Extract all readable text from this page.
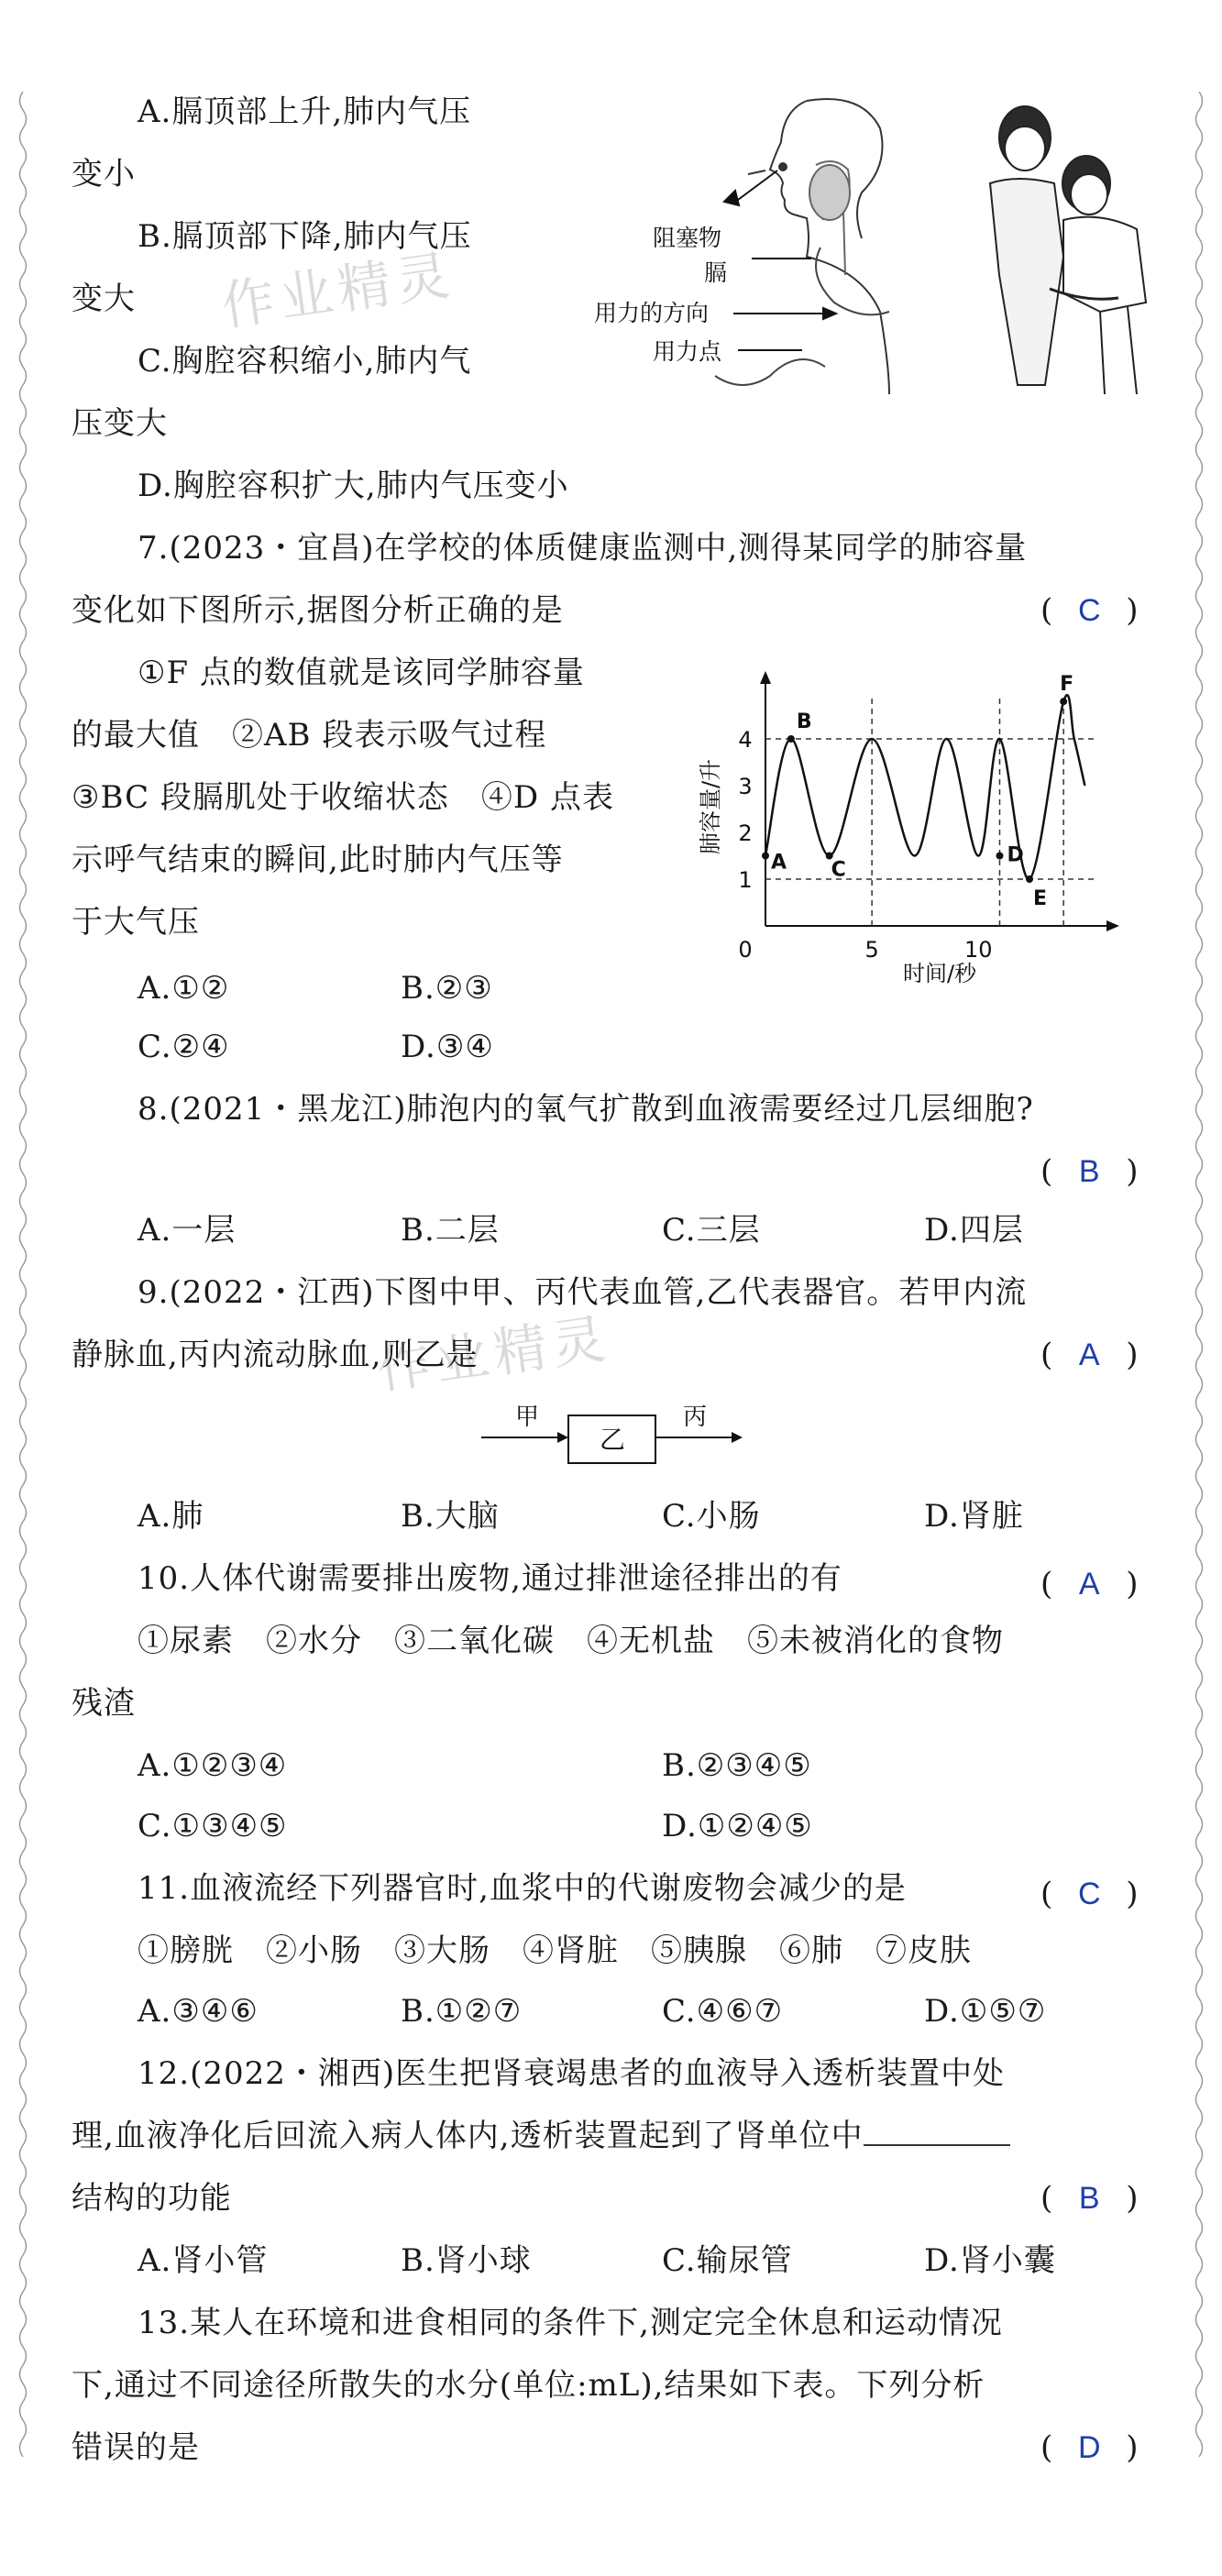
作业精灵
作业精灵
A.膈顶部上升,肺内气压
变小
B.膈顶部下降,肺内气压
变大
C.胸腔容积缩小,肺内气
压变大
D.胸腔容积扩大,肺内气压变小
阻塞物
膈
用力的方向
用力点
7.(2023・宜昌)在学校的体质健康监测中,测得某同学的肺容量
变化如下图所示,据图分析正确的是	( C )
①F 点的数值就是该同学肺容量
的最大值　②AB 段表示吸气过程
③BC 段膈肌处于收缩状态　④D 点表
示呼气结束的瞬间,此时肺内气压等
于大气压
A.①②	B.②③
C.②④	D.③④
1
2
3
4
0	5	10
A
B
C
D
E
F
肺容量/升
时间/秒
8.(2021・黑龙江)肺泡内的氧气扩散到血液需要经过几层细胞?
( B )
A.一层	B.二层	C.三层	D.四层
9.(2022・江西)下图中甲、丙代表血管,乙代表器官。若甲内流
静脉血,丙内流动脉血,则乙是	( A )
甲
乙
丙
A.肺	B.大脑	C.小肠	D.肾脏
10.人体代谢需要排出废物,通过排泄途径排出的有	( A )
①尿素　②水分　③二氧化碳　④无机盐　⑤未被消化的食物
残渣
A.①②③④	B.②③④⑤
C.①③④⑤	D.①②④⑤
11.血液流经下列器官时,血浆中的代谢废物会减少的是	( C )
①膀胱　②小肠　③大肠　④肾脏　⑤胰腺　⑥肺　⑦皮肤
A.③④⑥	B.①②⑦	C.④⑥⑦	D.①⑤⑦
12.(2022・湘西)医生把肾衰竭患者的血液导入透析装置中处
理,血液净化后回流入病人体内,透析装置起到了肾单位中
结构的功能	( B )
A.肾小管	B.肾小球	C.输尿管	D.肾小囊
13.某人在环境和进食相同的条件下,测定完全休息和运动情况
下,通过不同途径所散失的水分(单位:mL),结果如下表。下列分析
错误的是	( D )
